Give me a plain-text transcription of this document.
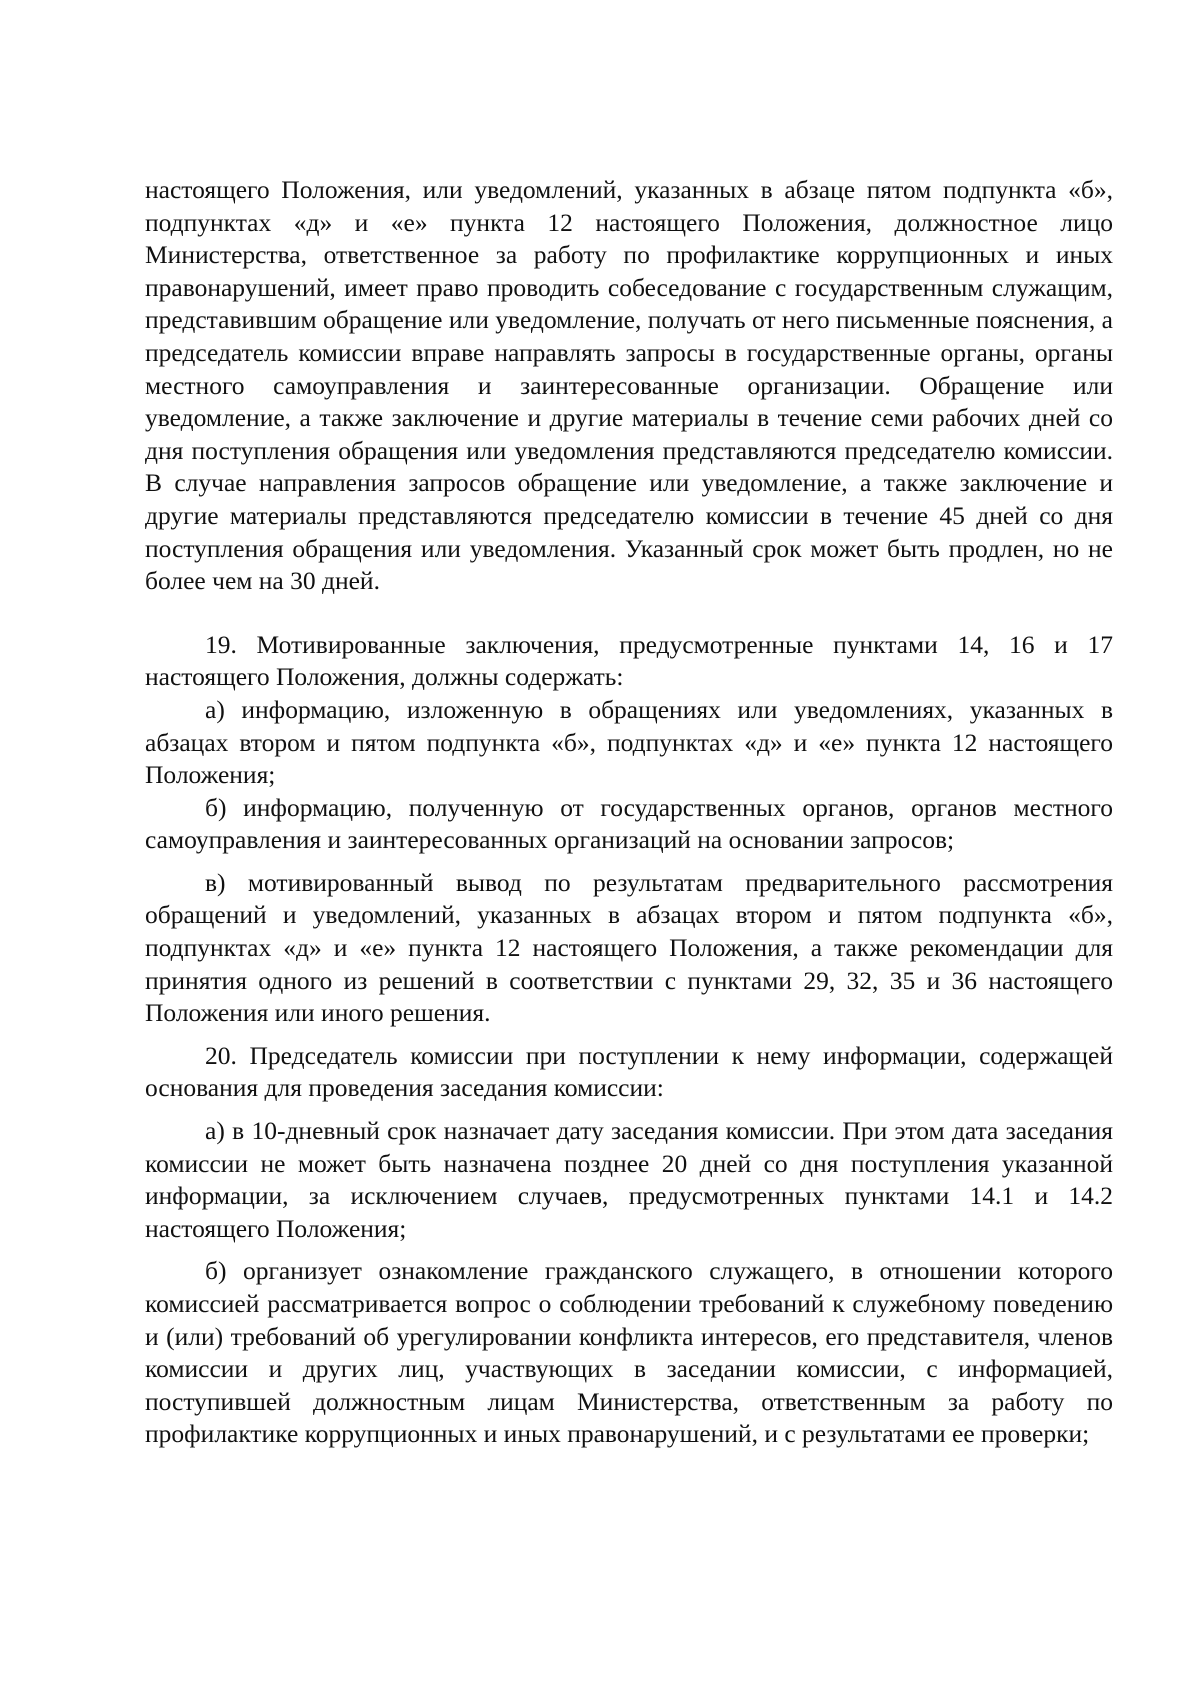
настоящего Положения, или уведомлений, указанных в абзаце пятом подпункта «б», подпунктах «д» и «е» пункта 12 настоящего Положения, должностное лицо Министерства, ответственное за работу по профилактике коррупционных и иных правонарушений, имеет право проводить собеседование с государственным служащим, представившим обращение или уведомление, получать от него письменные пояснения, а председатель комиссии вправе направлять запросы в государственные органы, органы местного самоуправления и заинтересованные организации. Обращение или уведомление, а также заключение и другие материалы в течение семи рабочих дней со дня поступления обращения или уведомления представляются председателю комиссии. В случае направления запросов обращение или уведомление, а также заключение и другие материалы представляются председателю комиссии в течение 45 дней со дня поступления обращения или уведомления. Указанный срок может быть продлен, но не более чем на 30 дней.

19. Мотивированные заключения, предусмотренные пунктами 14, 16 и 17 настоящего Положения, должны содержать:

а) информацию, изложенную в обращениях или уведомлениях, указанных в абзацах втором и пятом подпункта «б», подпунктах «д» и «е» пункта 12 настоящего Положения;

б) информацию, полученную от государственных органов, органов местного самоуправления и заинтересованных организаций на основании запросов;

в) мотивированный вывод по результатам предварительного рассмотрения обращений и уведомлений, указанных в абзацах втором и пятом подпункта «б», подпунктах «д» и «е» пункта 12 настоящего Положения, а также рекомендации для принятия одного из решений в соответствии с пунктами 29, 32, 35 и 36 настоящего Положения или иного решения.

20. Председатель комиссии при поступлении к нему информации, содержащей основания для проведения заседания комиссии:

а) в 10-дневный срок назначает дату заседания комиссии. При этом дата заседания комиссии не может быть назначена позднее 20 дней со дня поступления указанной информации, за исключением случаев, предусмотренных пунктами 14.1 и 14.2 настоящего Положения;

б) организует ознакомление гражданского служащего, в отношении которого комиссией рассматривается вопрос о соблюдении требований к служебному поведению и (или) требований об урегулировании конфликта интересов, его представителя, членов комиссии и других лиц, участвующих в заседании комиссии, с информацией, поступившей должностным лицам Министерства, ответственным за работу по профилактике коррупционных и иных правонарушений, и с результатами ее проверки;
